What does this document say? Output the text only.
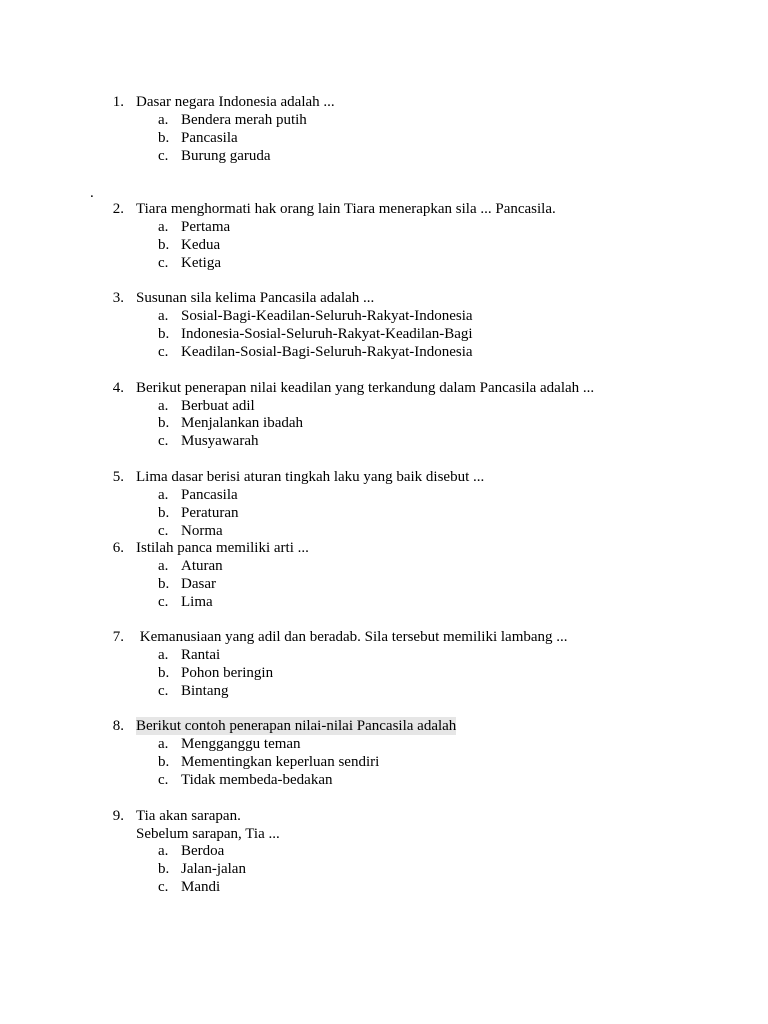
.
1. Dasar negara Indonesia adalah ...
a. Bendera merah putih
b. Pancasila
c. Burung garuda
2. Tiara menghormati hak orang lain Tiara menerapkan sila ... Pancasila.
a. Pertama
b. Kedua
c. Ketiga
3. Susunan sila kelima Pancasila adalah ...
a. Sosial-Bagi-Keadilan-Seluruh-Rakyat-Indonesia
b. Indonesia-Sosial-Seluruh-Rakyat-Keadilan-Bagi
c. Keadilan-Sosial-Bagi-Seluruh-Rakyat-Indonesia
4. Berikut penerapan nilai keadilan yang terkandung dalam Pancasila adalah ...
a. Berbuat adil
b. Menjalankan ibadah
c. Musyawarah
5. Lima dasar berisi aturan tingkah laku yang baik disebut ...
a. Pancasila
b. Peraturan
c. Norma
6. Istilah panca memiliki arti ...
a. Aturan
b. Dasar
c. Lima
7. Kemanusiaan yang adil dan beradab. Sila tersebut memiliki lambang ...
a. Rantai
b. Pohon beringin
c. Bintang
8. Berikut contoh penerapan nilai-nilai Pancasila adalah
a. Mengganggu teman
b. Mementingkan keperluan sendiri
c. Tidak membeda-bedakan
9. Tia akan sarapan.
Sebelum sarapan, Tia ...
a. Berdoa
b. Jalan-jalan
c. Mandi
